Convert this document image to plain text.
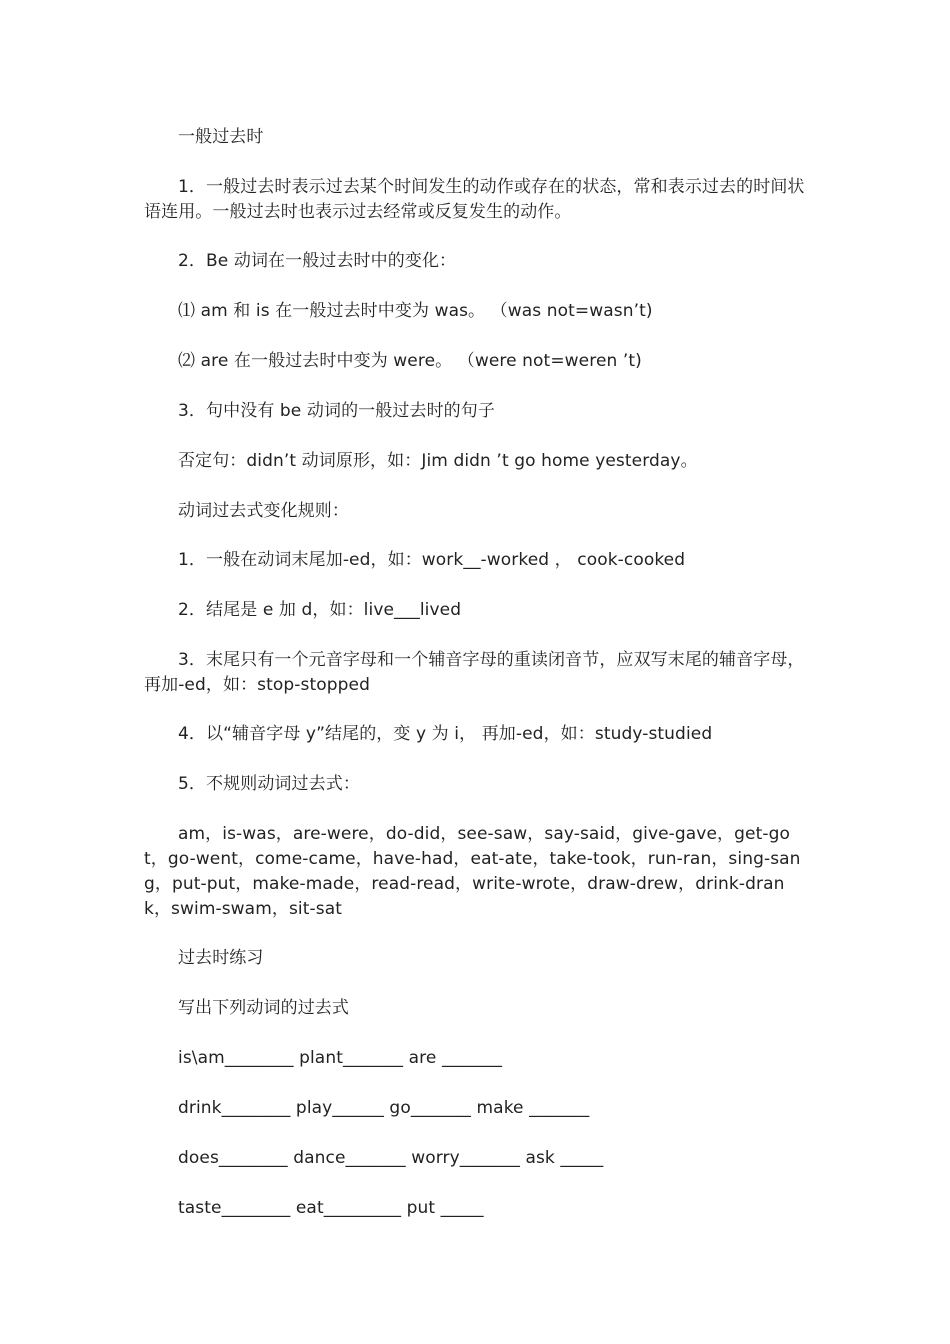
一般过去时
1．一般过去时表示过去某个时间发生的动作或存在的状态，常和表示过去的时间状语连用。一般过去时也表示过去经常或反复发生的动作。
2．Be 动词在一般过去时中的变化：
⑴ am 和 is 在一般过去时中变为 was。 （was not=wasn’t)
⑵ are 在一般过去时中变为 were。 （were not=weren ’t)
3．句中没有 be 动词的一般过去时的句子
否定句：didn’t 动词原形，如：Jim didn ’t go home yesterday。
动词过去式变化规则：
1．一般在动词末尾加-ed，如：work__-worked ， cook-cooked
2．结尾是 e 加 d，如：live___lived
3．末尾只有一个元音字母和一个辅音字母的重读闭音节，应双写末尾的辅音字母，再加-ed，如：stop-stopped
4．以“辅音字母 y”结尾的，变 y 为 i， 再加-ed，如：study-studied
5．不规则动词过去式：
am，is-was，are-were，do-did，see-saw，say-said，give-gave，get-got，go-went，come-came，have-had，eat-ate，take-took，run-ran，sing-sang，put-put，make-made，read-read，write-wrote，draw-drew，drink-drank，swim-swam，sit-sat
过去时练习
写出下列动词的过去式
is\am________ plant_______ are _______
drink________ play______ go_______ make _______
does________ dance_______ worry_______ ask _____
taste________ eat_________ put _____
